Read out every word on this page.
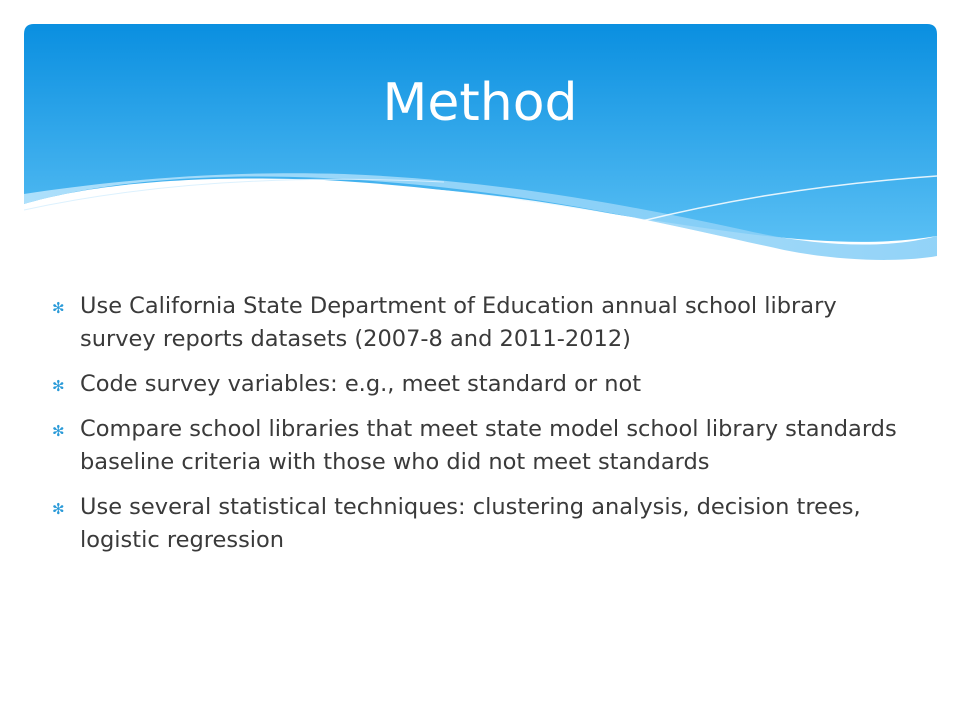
Method
✻ Use California State Department of Education annual school library survey reports datasets (2007-8 and 2011-2012)
✻ Code survey variables: e.g., meet standard or not
✻ Compare school libraries that meet state model school library standards baseline criteria with those who did not meet standards
✻ Use several statistical techniques: clustering analysis, decision trees, logistic regression
